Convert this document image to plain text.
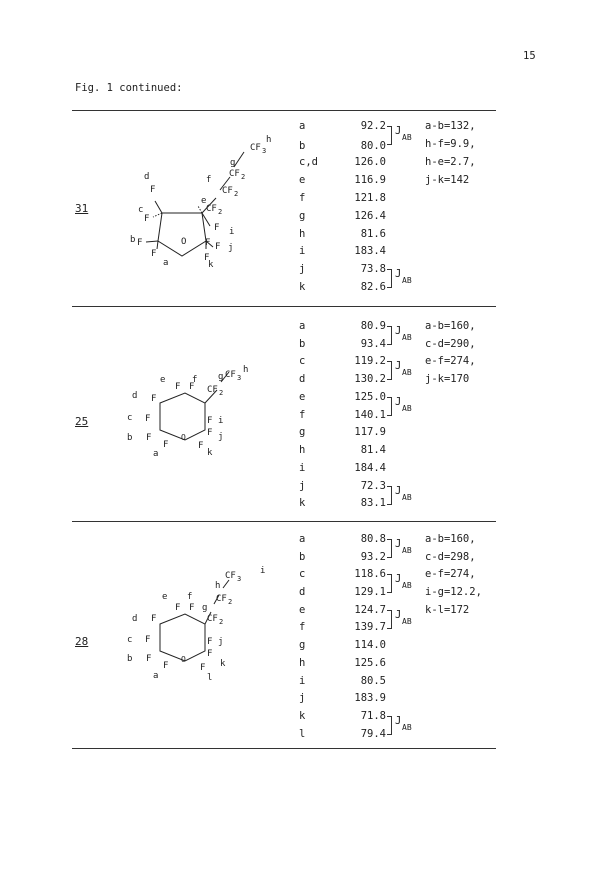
15
Fig. 1 continued:
31
O
F
F
F
F
F
CF 2
CF 2
CF 2
CF 3
F F
F
d
c
b
a
f
g
h
e
i
j
k
a
b
c,d
e
f
g
h
i
j
k
92.2
80.0
126.0
116.9
121.8
126.4
81.6
183.4
73.8
82.6
J
AB
J
AB
a-b=132,
h-f=9.9,
h-e=2.7,
j-k=142
25
O
F F
F
F
F
F
F
F
F
CF 2
CF 3
e	f
d
c
b
a
g
h
i
j
k
a
b
c
d
e
f
g
h
i
j
k
80.9
93.4
119.2
130.2
125.0
140.1
117.9
81.4
184.4
72.3
83.1
J
AB
J
AB
J
AB
J
AB
a-b=160,
c-d=290,
e-f=274,
j-k=170
28
O
F F
F
F
F
F
F
F
F
CF 2
CF 2
CF 3
e f
d
c
b
a
g
h
i
j
k
l
a
b
c
d
e
f
g
h
i
j
k
l
80.8
93.2
118.6
129.1
124.7
139.7
114.0
125.6
80.5
183.9
71.8
79.4
J
AB
J
AB
J
AB
J
AB
a-b=160,
c-d=298,
e-f=274,
i-g=12.2,
k-l=172
